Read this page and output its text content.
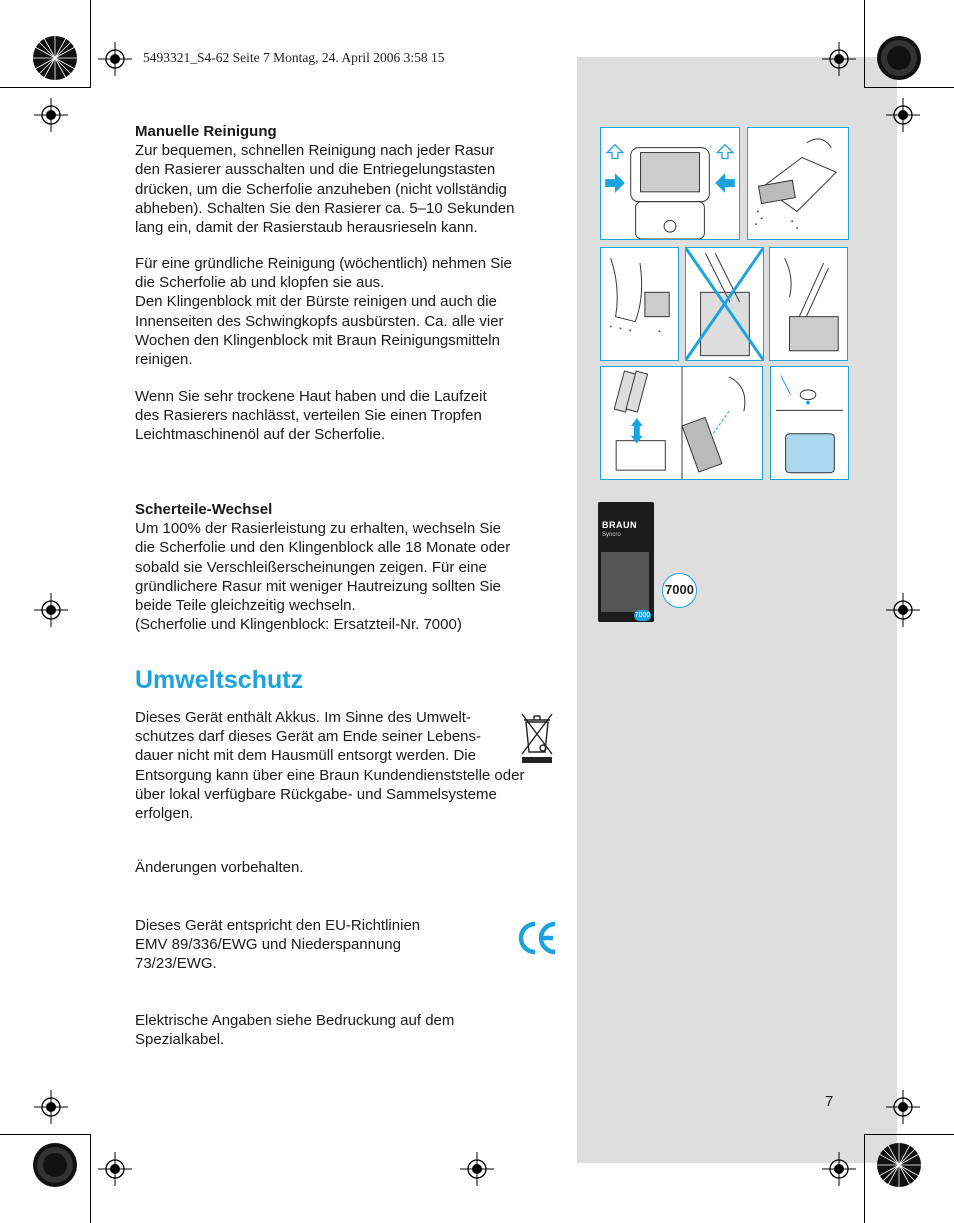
5493321_S4-62 Seite 7 Montag, 24. April 2006 3:58 15

Manuelle Reinigung

Zur bequemen, schnellen Reinigung nach jeder Rasur

den Rasierer ausschalten und die Entriegelungstasten

drücken, um die Scherfolie anzuheben (nicht vollständig

abheben). Schalten Sie den Rasierer ca. 5–10 Sekunden

lang ein, damit der Rasierstaub herausrieseln kann.

Für eine gründliche Reinigung (wöchentlich) nehmen Sie

die Scherfolie ab und klopfen sie aus.

Den Klingenblock mit der Bürste reinigen und auch die

Innenseiten des Schwingkopfs ausbürsten. Ca. alle vier

Wochen den Klingenblock mit Braun Reinigungsmitteln

reinigen.

Wenn Sie sehr trockene Haut haben und die Laufzeit

des Rasierers nachlässt, verteilen Sie einen Tropfen

Leichtmaschinenöl auf der Scherfolie.

Scherteile-Wechsel

Um 100% der Rasierleistung zu erhalten, wechseln Sie

die Scherfolie und den Klingenblock alle 18 Monate oder

sobald sie Verschleißerscheinungen zeigen. Für eine

gründlichere Rasur mit weniger Hautreizung sollten Sie

beide Teile gleichzeitig wechseln.

(Scherfolie und Klingenblock: Ersatzteil-Nr. 7000)

Umweltschutz

Dieses Gerät enthält Akkus. Im Sinne des Umwelt-

schutzes darf dieses Gerät am Ende seiner Lebens-

dauer nicht mit dem Hausmüll entsorgt werden. Die

Entsorgung kann über eine Braun Kundendienststelle oder

über lokal verfügbare Rückgabe- und Sammelsysteme

erfolgen.

Änderungen vorbehalten.

Dieses Gerät entspricht den EU-Richtlinien

EMV 89/336/EWG und Niederspannung

73/23/EWG.

Elektrische Angaben siehe Bedruckung auf dem

Spezialkabel.

7
BRAUN
Syncro
7000
7000
